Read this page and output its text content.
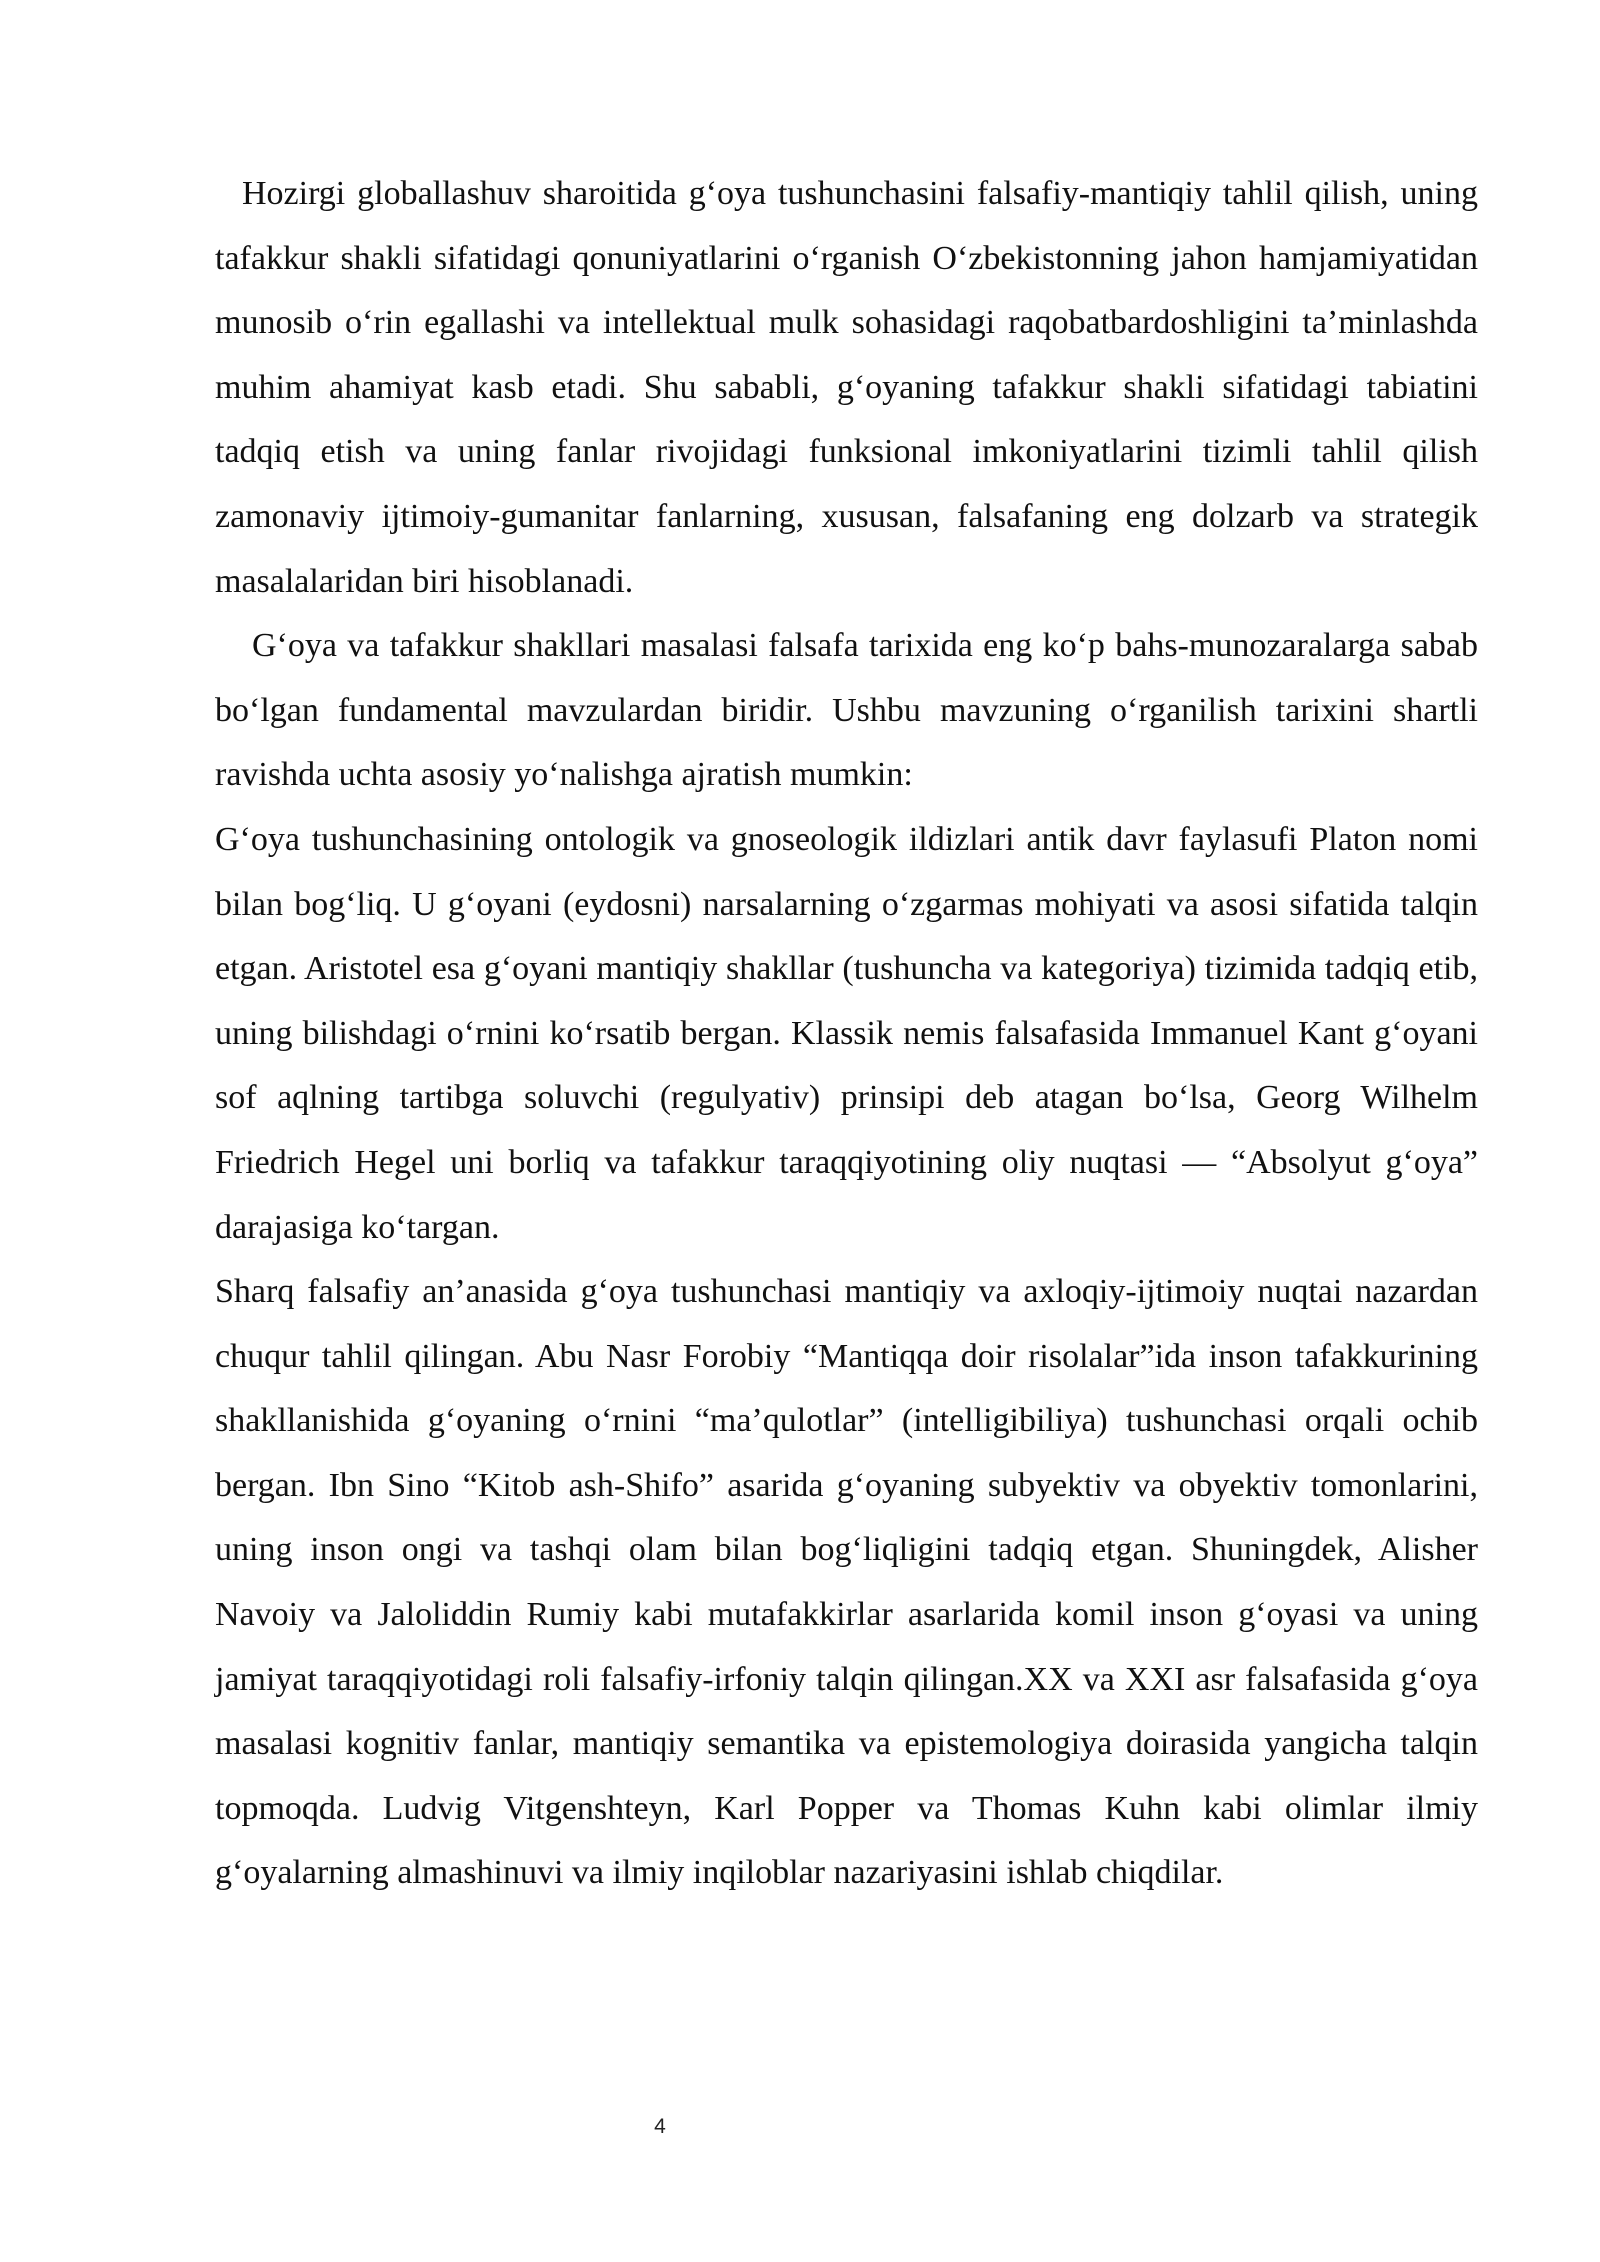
Hozirgi globallashuv sharoitida g‘oya tushunchasini falsafiy-mantiqiy tahlil qilish, uning tafakkur shakli sifatidagi qonuniyatlarini o‘rganish O‘zbekistonning jahon hamjamiyatidan munosib o‘rin egallashi va intellektual mulk sohasidagi raqobatbardoshligini ta’minlashda muhim ahamiyat kasb etadi. Shu sababli, g‘oyaning tafakkur shakli sifatidagi tabiatini tadqiq etish va uning fanlar rivojidagi funksional imkoniyatlarini tizimli tahlil qilish zamonaviy ijtimoiy-gumanitar fanlarning, xususan, falsafaning eng dolzarb va strategik masalalaridan biri hisoblanadi.

G‘oya va tafakkur shakllari masalasi falsafa tarixida eng ko‘p bahs-munozaralarga sabab bo‘lgan fundamental mavzulardan biridir. Ushbu mavzuning o‘rganilish tarixini shartli ravishda uchta asosiy yo‘nalishga ajratish mumkin:

G‘oya tushunchasining ontologik va gnoseologik ildizlari antik davr faylasufi Platon nomi bilan bog‘liq. U g‘oyani (eydosni) narsalarning o‘zgarmas mohiyati va asosi sifatida talqin etgan. Aristotel esa g‘oyani mantiqiy shakllar (tushuncha va kategoriya) tizimida tadqiq etib, uning bilishdagi o‘rnini ko‘rsatib bergan. Klassik nemis falsafasida Immanuel Kant g‘oyani sof aqlning tartibga soluvchi (regulyativ) prinsipi deb atagan bo‘lsa, Georg Wilhelm Friedrich Hegel uni borliq va tafakkur taraqqiyotining oliy nuqtasi — “Absolyut g‘oya” darajasiga ko‘targan.

Sharq falsafiy an’anasida g‘oya tushunchasi mantiqiy va axloqiy-ijtimoiy nuqtai nazardan chuqur tahlil qilingan. Abu Nasr Forobiy “Mantiqqa doir risolalar”ida inson tafakkurining shakllanishida g‘oyaning o‘rnini “ma’qulotlar” (intelligibiliya) tushunchasi orqali ochib bergan. Ibn Sino “Kitob ash-Shifo” asarida g‘oyaning subyektiv va obyektiv tomonlarini, uning inson ongi va tashqi olam bilan bog‘liqligini tadqiq etgan. Shuningdek, Alisher Navoiy va Jaloliddin Rumiy kabi mutafakkirlar asarlarida komil inson g‘oyasi va uning jamiyat taraqqiyotidagi roli falsafiy-irfoniy talqin qilingan.XX va XXI asr falsafasida g‘oya masalasi kognitiv fanlar, mantiqiy semantika va epistemologiya doirasida yangicha talqin topmoqda. Ludvig Vitgenshteyn, Karl Popper va Thomas Kuhn kabi olimlar ilmiy g‘oyalarning almashinuvi va ilmiy inqiloblar nazariyasini ishlab chiqdilar.

4
